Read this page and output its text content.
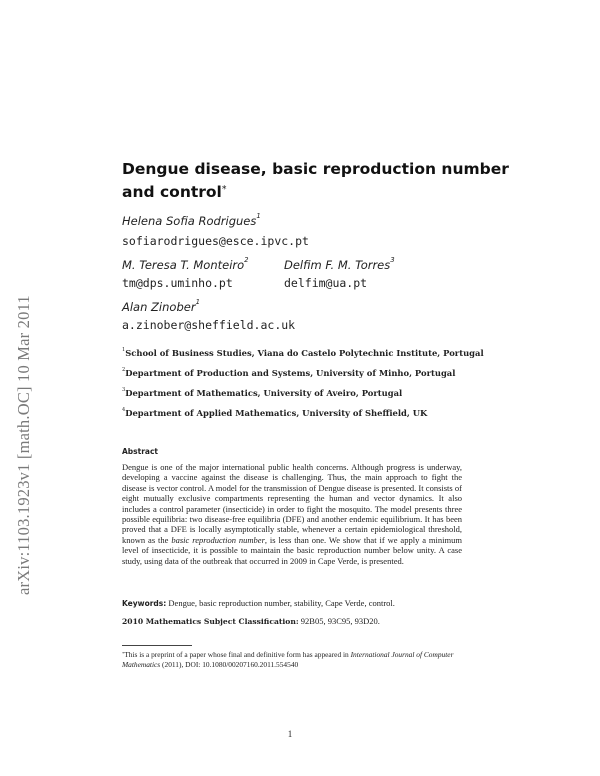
arXiv:1103.1923v1 [math.OC] 10 Mar 2011
Dengue disease, basic reproduction number
and control*
Helena Sofia Rodrigues$^1$
sofiarodrigues@esce.ipvc.pt
M. Teresa T. Monteiro$^2$
tm@dps.uminho.pt
Delfim F. M. Torres$^3$
delfim@ua.pt
Alan Zinober$^1$
a.zinober@sheffield.ac.uk
$^1$School of Business Studies, Viana do Castelo Polytechnic Institute, Portugal
$^2$Department of Production and Systems, University of Minho, Portugal
$^3$Department of Mathematics, University of Aveiro, Portugal
$^4$Department of Applied Mathematics, University of Sheffield, UK
Abstract

Dengue is one of the major international public health concerns. Although progress is underway, developing a vaccine against the disease is challenging. Thus, the main approach to fight the disease is vector control. A model for the transmission of Dengue disease is presented. It consists of eight mutually exclusive compartments representing the human and vector dynamics. It also includes a control parameter (insecticide) in order to fight the mosquito. The model presents three possible equilibria: two disease-free equilibria (DFE) and another endemic equilibrium. It has been proved that a DFE is locally asymptotically stable, whenever a certain epidemiological threshold, known as the basic reproduction number, is less than one. We show that if we apply a minimum level of insecticide, it is possible to maintain the basic reproduction number below unity. A case study, using data of the outbreak that occurred in 2009 in Cape Verde, is presented.

Keywords: Dengue, basic reproduction number, stability, Cape Verde, control.
2010 Mathematics Subject Classification: 92B05, 93C95, 93D20.

*This is a preprint of a paper whose final and definitive form has appeared in International Journal of Computer Mathematics (2011), DOI: 10.1080/00207160.2011.554540

1
